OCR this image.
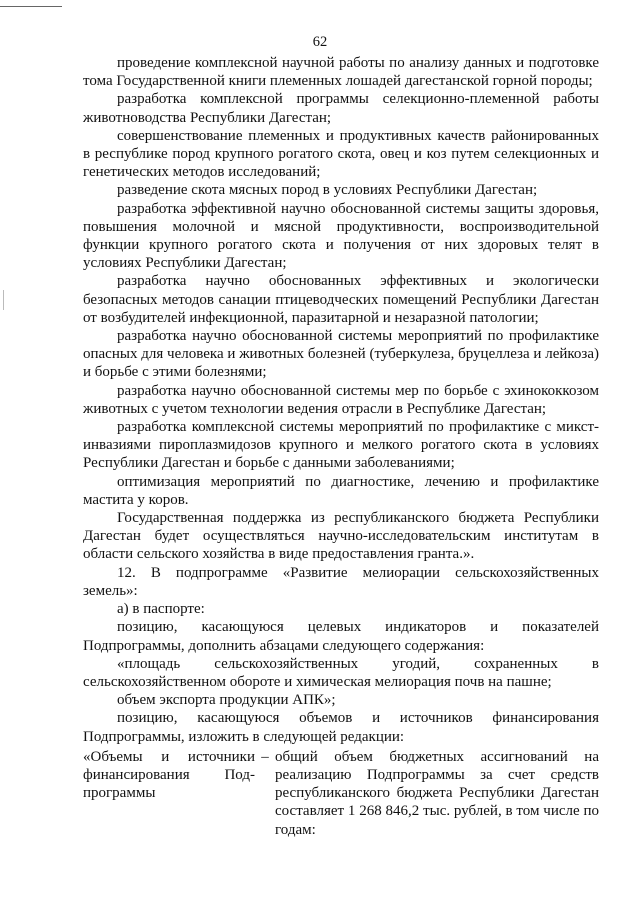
62

проведение комплексной научной работы по анализу данных и подготовке тома Государственной книги племенных лошадей дагестанской горной породы;

разработка комплексной программы селекционно-племенной работы животноводства Республики Дагестан;

совершенствование племенных и продуктивных качеств районированных в республике пород крупного рогатого скота, овец и коз путем селекционных и генетических методов исследований;

разведение скота мясных пород в условиях Республики Дагестан;

разработка эффективной научно обоснованной системы защиты здоровья, повышения молочной и мясной продуктивности, воспроизводительной функции крупного рогатого скота и получения от них здоровых телят в условиях Республики Дагестан;

разработка научно обоснованных эффективных и экологически безопасных методов санации птицеводческих помещений Республики Дагестан от возбудителей инфекционной, паразитарной и незаразной патологии;

разработка научно обоснованной системы мероприятий по профилактике опасных для человека и животных болезней (туберкулеза, бруцеллеза и лейкоза) и борьбе с этими болезнями;

разработка научно обоснованной системы мер по борьбе с эхинококкозом животных с учетом технологии ведения отрасли в Республике Дагестан;

разработка комплексной системы мероприятий по профилактике с микст-инвазиями пироплазмидозов крупного и мелкого рогатого скота в условиях Республики Дагестан и борьбе с данными заболеваниями;

оптимизация мероприятий по диагностике, лечению и профилактике мастита у коров.

Государственная поддержка из республиканского бюджета Республики Дагестан будет осуществляться научно-исследовательским институтам в области сельского хозяйства в виде предоставления гранта.».

12. В подпрограмме «Развитие мелиорации сельскохозяйственных земель»:

а) в паспорте:

позицию, касающуюся целевых индикаторов и показателей Подпрограммы, дополнить абзацами следующего содержания:

«площадь сельскохозяйственных угодий, сохраненных в сельскохозяйственном обороте и химическая мелиорация почв на пашне;

объем экспорта продукции АПК»;

позицию, касающуюся объемов и источников финансирования Подпрограммы, изложить в следующей редакции:

«Объемы и источники
финансирования Под-
программы
– общий объем бюджетных ассигнований на реализацию Подпрограммы за счет средств республиканского бюджета Республики Дагестан составляет 1 268 846,2 тыс. рублей, в том числе по годам:
